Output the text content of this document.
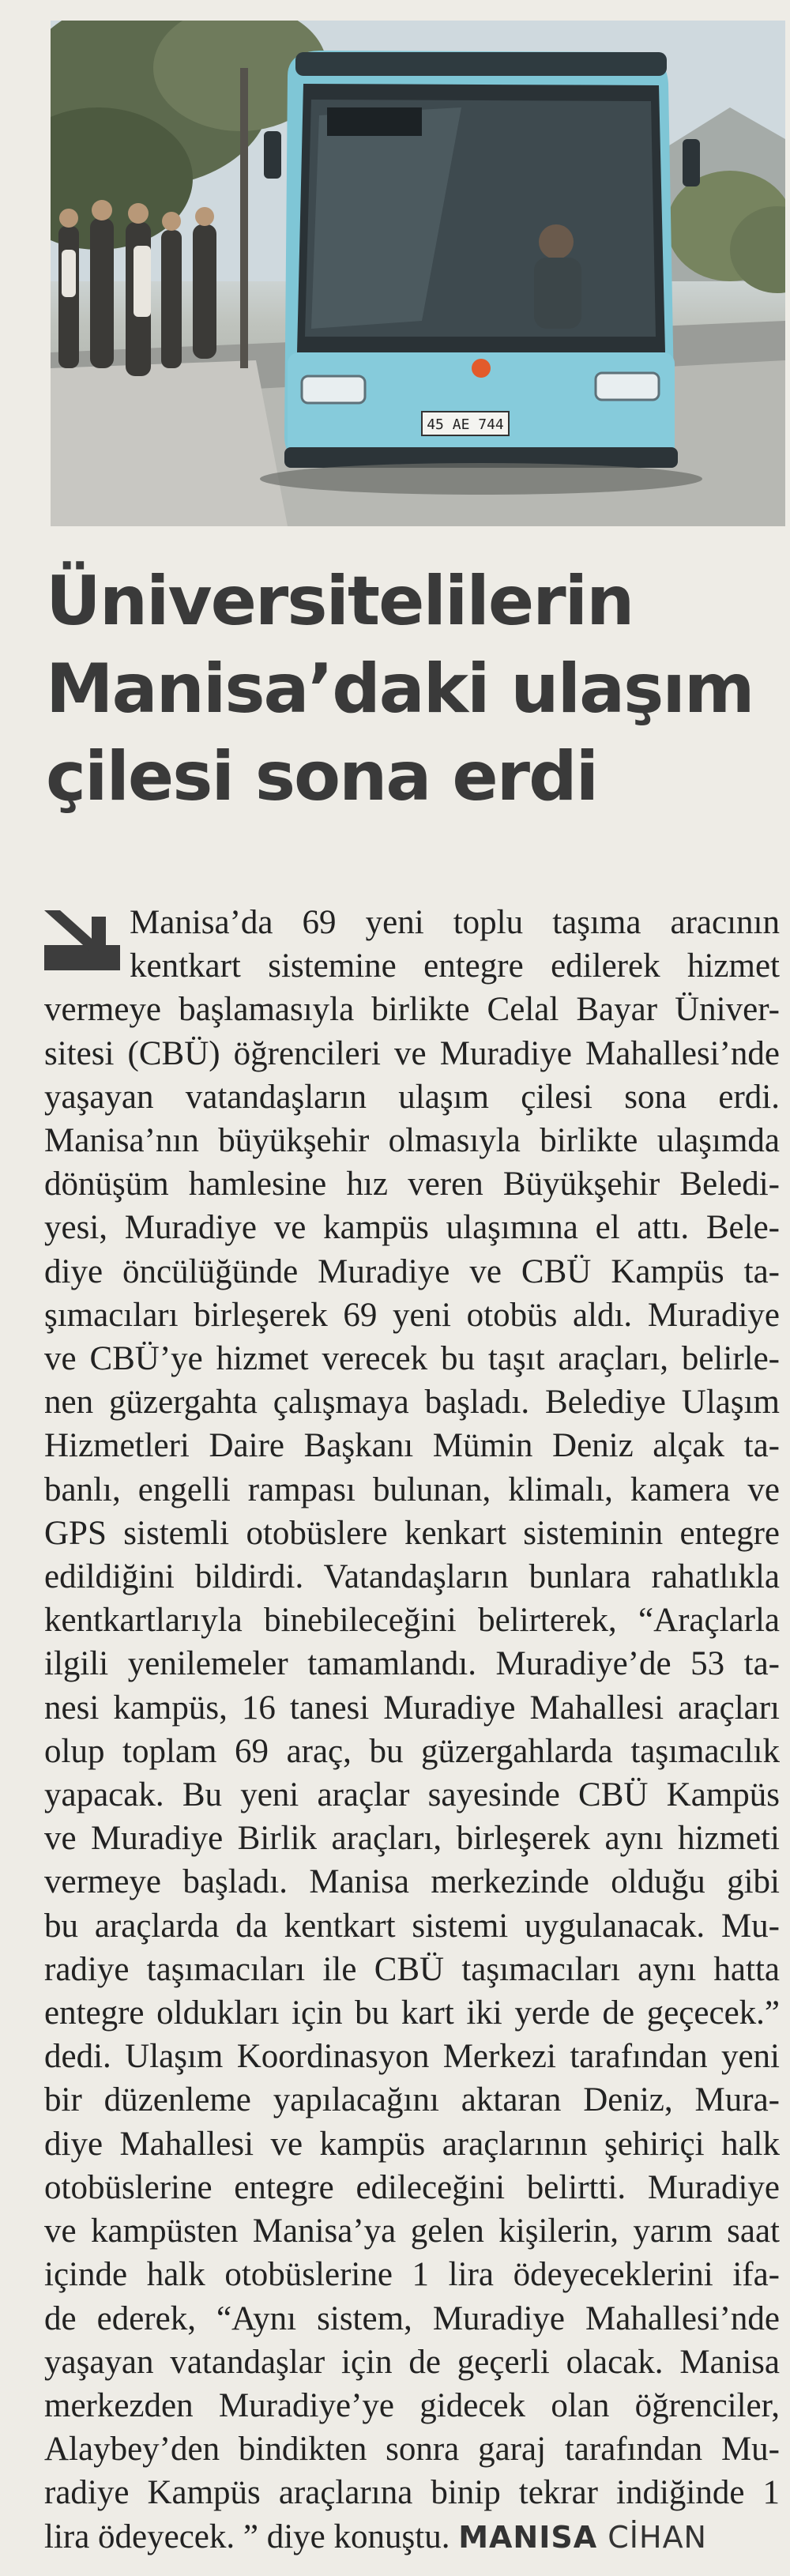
45 AE 744
Üniversitelilerin
Manisa’daki ulaşım
çilesi sona erdi
Manisa’da 69 yeni toplu taşıma aracının
kentkart sistemine entegre edilerek hizmet
vermeye başlamasıyla birlikte Celal Bayar Üniver-
sitesi (CBÜ) öğrencileri ve Muradiye Mahallesi’nde
yaşayan vatandaşların ulaşım çilesi sona erdi.
Manisa’nın büyükşehir olmasıyla birlikte ulaşımda
dönüşüm hamlesine hız veren Büyükşehir Beledi-
yesi, Muradiye ve kampüs ulaşımına el attı. Bele-
diye öncülüğünde Muradiye ve CBÜ Kampüs ta-
şımacıları birleşerek 69 yeni otobüs aldı. Muradiye
ve CBÜ’ye hizmet verecek bu taşıt araçları, belirle-
nen güzergahta çalışmaya başladı. Belediye Ulaşım
Hizmetleri Daire Başkanı Mümin Deniz alçak ta-
banlı, engelli rampası bulunan, klimalı, kamera ve
GPS sistemli otobüslere kenkart sisteminin entegre
edildiğini bildirdi. Vatandaşların bunlara rahatlıkla
kentkartlarıyla binebileceğini belirterek, “Araçlarla
ilgili yenilemeler tamamlandı. Muradiye’de 53 ta-
nesi kampüs, 16 tanesi Muradiye Mahallesi araçları
olup toplam 69 araç, bu güzergahlarda taşımacılık
yapacak. Bu yeni araçlar sayesinde CBÜ Kampüs
ve Muradiye Birlik araçları, birleşerek aynı hizmeti
vermeye başladı. Manisa merkezinde olduğu gibi
bu araçlarda da kentkart sistemi uygulanacak. Mu-
radiye taşımacıları ile CBÜ taşımacıları aynı hatta
entegre oldukları için bu kart iki yerde de geçecek.”
dedi. Ulaşım Koordinasyon Merkezi tarafından yeni
bir düzenleme yapılacağını aktaran Deniz, Mura-
diye Mahallesi ve kampüs araçlarının şehiriçi halk
otobüslerine entegre edileceğini belirtti. Muradiye
ve kampüsten Manisa’ya gelen kişilerin, yarım saat
içinde halk otobüslerine 1 lira ödeyeceklerini ifa-
de ederek, “Aynı sistem, Muradiye Mahallesi’nde
yaşayan vatandaşlar için de geçerli olacak. Manisa
merkezden Muradiye’ye gidecek olan öğrenciler,
Alaybey’den bindikten sonra garaj tarafından Mu-
radiye Kampüs araçlarına binip tekrar indiğinde 1
lira ödeyecek. ” diye konuştu. MANISA CİHAN
